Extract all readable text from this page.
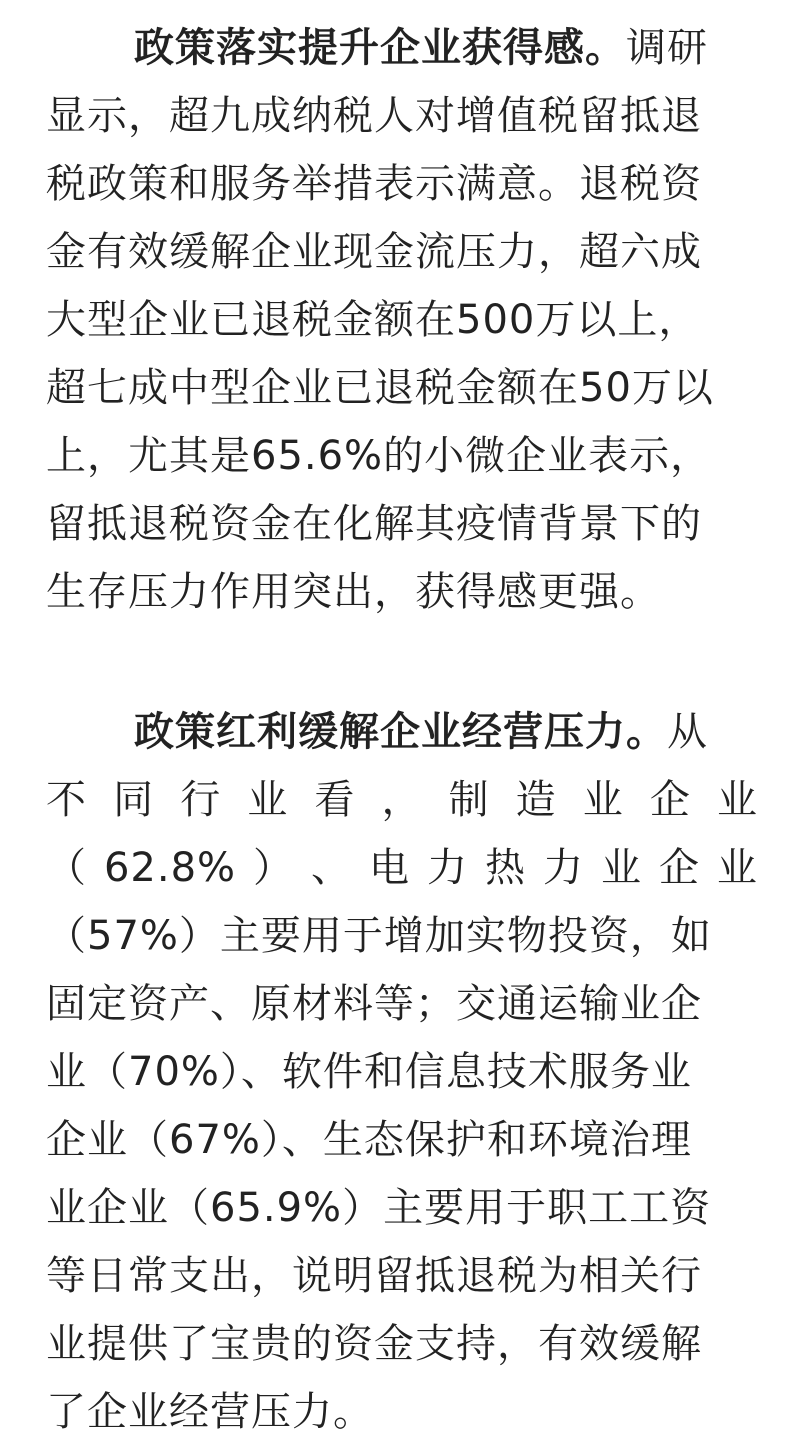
政策落实提升企业获得感。调研
显示，超九成纳税人对增值税留抵退
税政策和服务举措表示满意。退税资
金有效缓解企业现金流压力，超六成
大型企业已退税金额在500万以上，
超七成中型企业已退税金额在50万以
上，尤其是65.6%的小微企业表示，
留抵退税资金在化解其疫情背景下的
生存压力作用突出，获得感更强。
政策红利缓解企业经营压力。从
不 同 行 业 看 ， 制 造 业 企 业
（ 62.8% ） 、 电 力 热 力 业 企 业
（57%）主要用于增加实物投资，如
固定资产、原材料等；交通运输业企
业（70%）、软件和信息技术服务业
企业（67%）、生态保护和环境治理
业企业（65.9%）主要用于职工工资
等日常支出，说明留抵退税为相关行
业提供了宝贵的资金支持，有效缓解
了企业经营压力。
